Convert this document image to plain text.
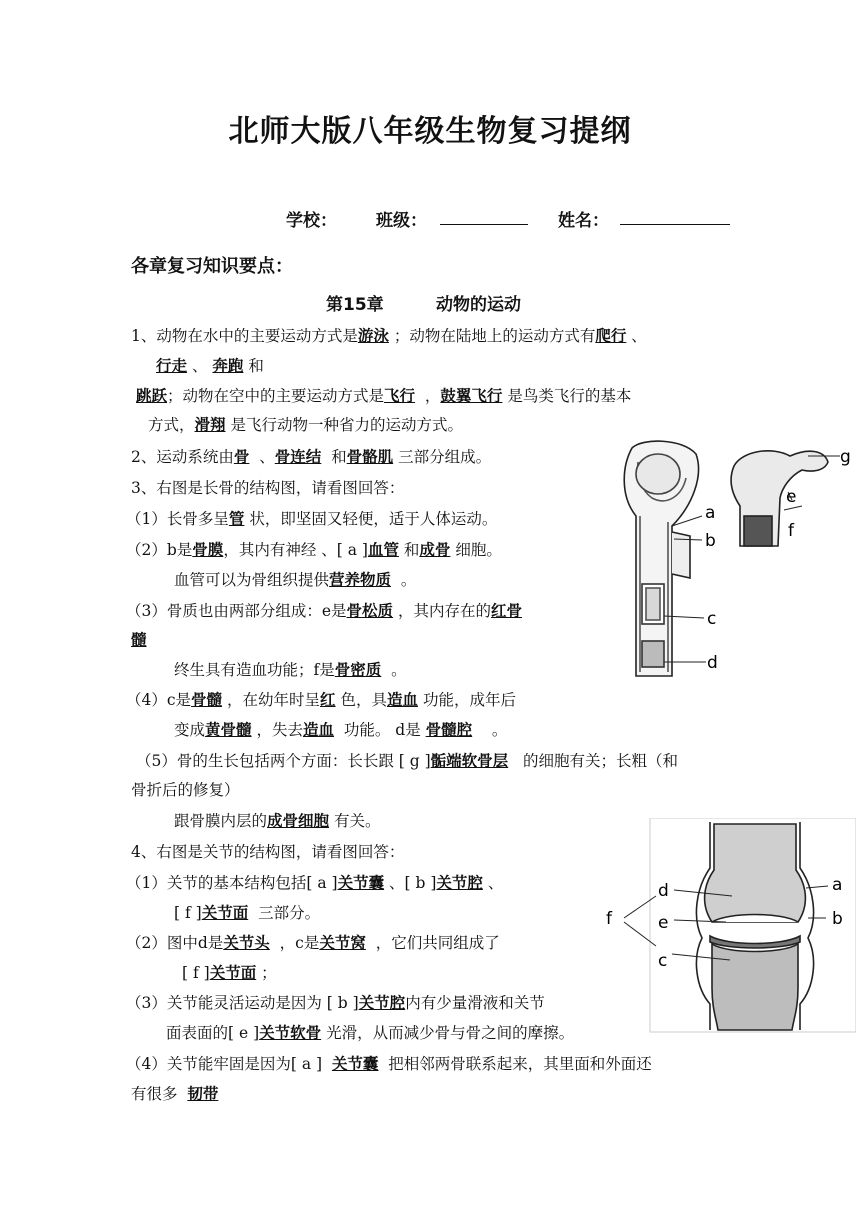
北师大版八年级生物复习提纲
学校： 班级：	姓名：
各章复习知识要点：
第15章	动物的运动
1、动物在水中的主要运动方式是游泳 ；动物在陆地上的运动方式有爬行 、
行走 、 奔跑 和
跳跃；动物在空中的主要运动方式是飞行 ，鼓翼飞行 是鸟类飞行的基本
方式，滑翔 是飞行动物一种省力的运动方式。
2、运动系统由骨 、骨连结 和骨骼肌 三部分组成。
3、右图是长骨的结构图，请看图回答：
（1）长骨多呈管 状，即坚固又轻便，适于人体运动。
（2）b是骨膜，其内有神经 、[ a ]血管 和成骨 细胞。
血管可以为骨组织提供营养物质 。
（3）骨质也由两部分组成：e是骨松质 ，其内存在的红骨
髓
终生具有造血功能；f是骨密质 。
（4）c是骨髓 ，在幼年时呈红 色，具造血 功能，成年后
变成黄骨髓 ，失去造血 功能。 d是 骨髓腔 。
（5）骨的生长包括两个方面：长长跟 [ g ]骺端软骨层 的细胞有关；长粗（和
骨折后的修复）
跟骨膜内层的成骨细胞 有关。
4、右图是关节的结构图，请看图回答：
（1）关节的基本结构包括[ a ]关节囊 、[ b ]关节腔 、
[ f ]关节面 三部分。
（2）图中d是关节头 ，c是关节窝 ，它们共同组成了
[ f ]关节面 ；
（3）关节能灵活运动是因为 [ b ]关节腔内有少量滑液和关节
面表面的[ e ]关节软骨 光滑，从而减少骨与骨之间的摩擦。
（4）关节能牢固是因为[ a ] 关节囊 把相邻两骨联系起来，其里面和外面还
有很多 韧带
a
b
c
d
e
f
g
d
e
c
f
a
b
